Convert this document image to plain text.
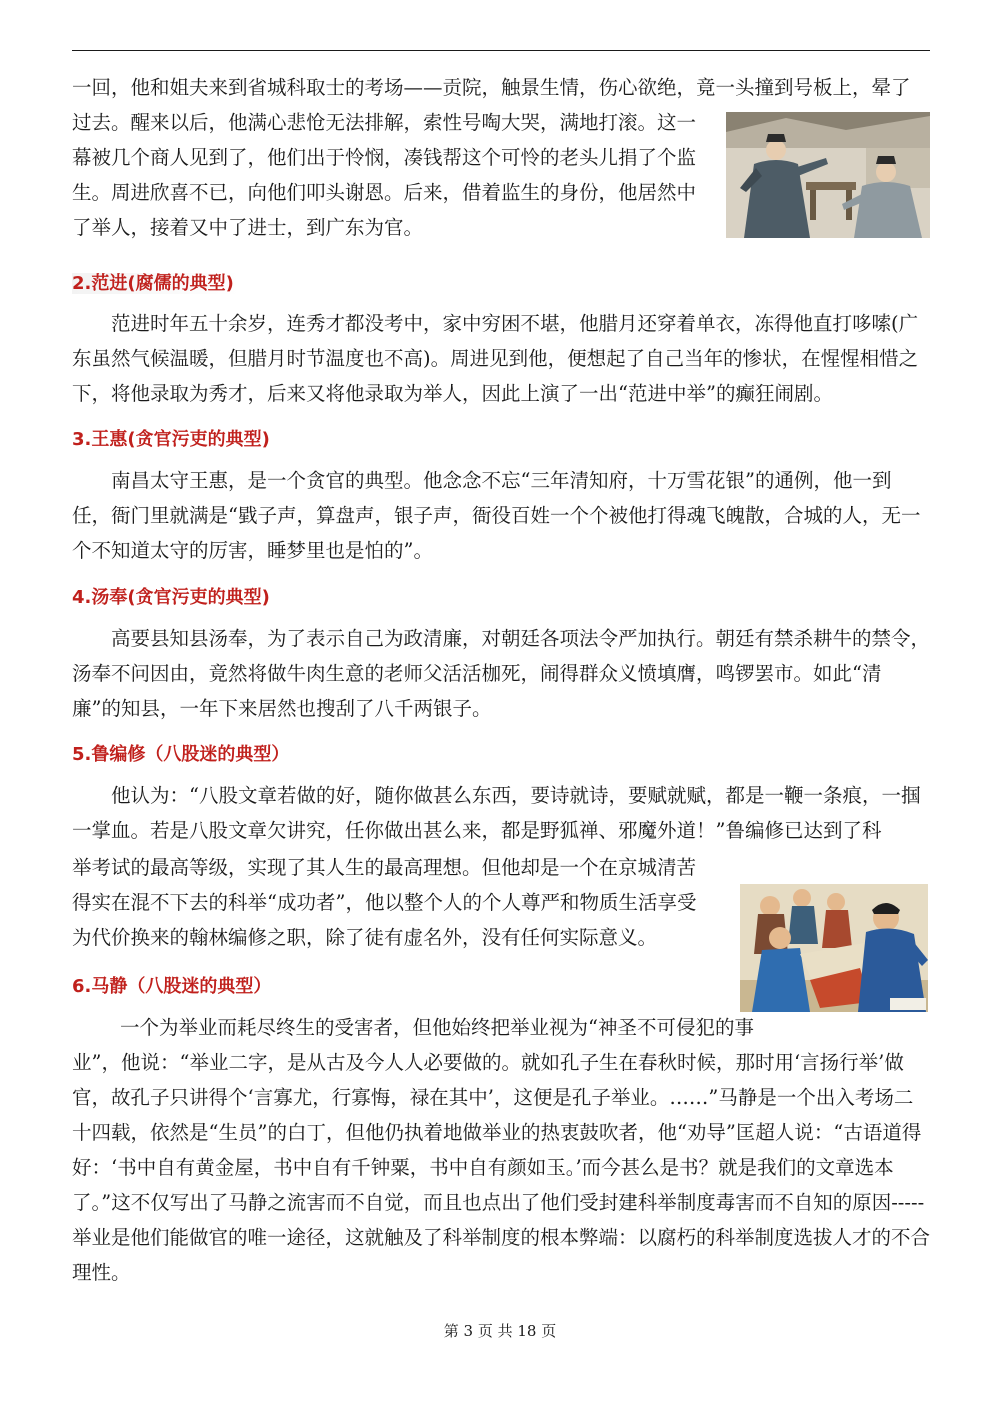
一回，他和姐夫来到省城科取士的考场——贡院，触景生情，伤心欲绝，竟一头撞到号板上，晕了
过去。醒来以后，他满心悲怆无法排解，索性号啕大哭，满地打滚。这一
幕被几个商人见到了，他们出于怜悯，凑钱帮这个可怜的老头儿捐了个监
生。周进欣喜不已，向他们叩头谢恩。后来，借着监生的身份，他居然中
了举人，接着又中了进士，到广东为官。
2.范进(腐儒的典型)

范进时年五十余岁，连秀才都没考中，家中穷困不堪，他腊月还穿着单衣，冻得他直打哆嗦(广东虽然气候温暖，但腊月时节温度也不高)。周进见到他，便想起了自己当年的惨状，在惺惺相惜之下，将他录取为秀才，后来又将他录取为举人，因此上演了一出“范进中举”的癫狂闹剧。

3.王惠(贪官污吏的典型)

南昌太守王惠，是一个贪官的典型。他念念不忘“三年清知府，十万雪花银”的通例，他一到任，衙门里就满是“戥子声，算盘声，银子声，衙役百姓一个个被他打得魂飞魄散，合城的人，无一个不知道太守的厉害，睡梦里也是怕的”。

4.汤奉(贪官污吏的典型)

高要县知县汤奉，为了表示自己为政清廉，对朝廷各项法令严加执行。朝廷有禁杀耕牛的禁令，汤奉不问因由，竟然将做牛肉生意的老师父活活枷死，闹得群众义愤填膺，鸣锣罢市。如此“清廉”的知县，一年下来居然也搜刮了八千两银子。

5.鲁编修（八股迷的典型）

他认为：“八股文章若做的好，随你做甚么东西，要诗就诗，要赋就赋，都是一鞭一条痕，一掴一掌血。若是八股文章欠讲究，任你做出甚么来，都是野狐禅、邪魔外道！”鲁编修已达到了科

举考试的最高等级，实现了其人生的最高理想。但他却是一个在京城清苦
得实在混不下去的科举“成功者”，他以整个人的个人尊严和物质生活享受
为代价换来的翰林编修之职，除了徒有虚名外，没有任何实际意义。
6.马静（八股迷的典型）
一个为举业而耗尽终生的受害者，但他始终把举业视为“神圣不可侵犯的事

业”，他说：“举业二字，是从古及今人人必要做的。就如孔子生在春秋时候，那时用‘言扬行举’做官，故孔子只讲得个‘言寡尤，行寡悔，禄在其中’，这便是孔子举业。……”马静是一个出入考场二十四载，依然是“生员”的白丁，但他仍执着地做举业的热衷鼓吹者，他“劝导”匡超人说：“古语道得好：‘书中自有黄金屋，书中自有千钟粟，书中自有颜如玉。’而今甚么是书？就是我们的文章选本了。”这不仅写出了马静之流害而不自觉，而且也点出了他们受封建科举制度毒害而不自知的原因-----举业是他们能做官的唯一途径，这就触及了科举制度的根本弊端：以腐朽的科举制度选拔人才的不合理性。

第 3 页 共 18 页
